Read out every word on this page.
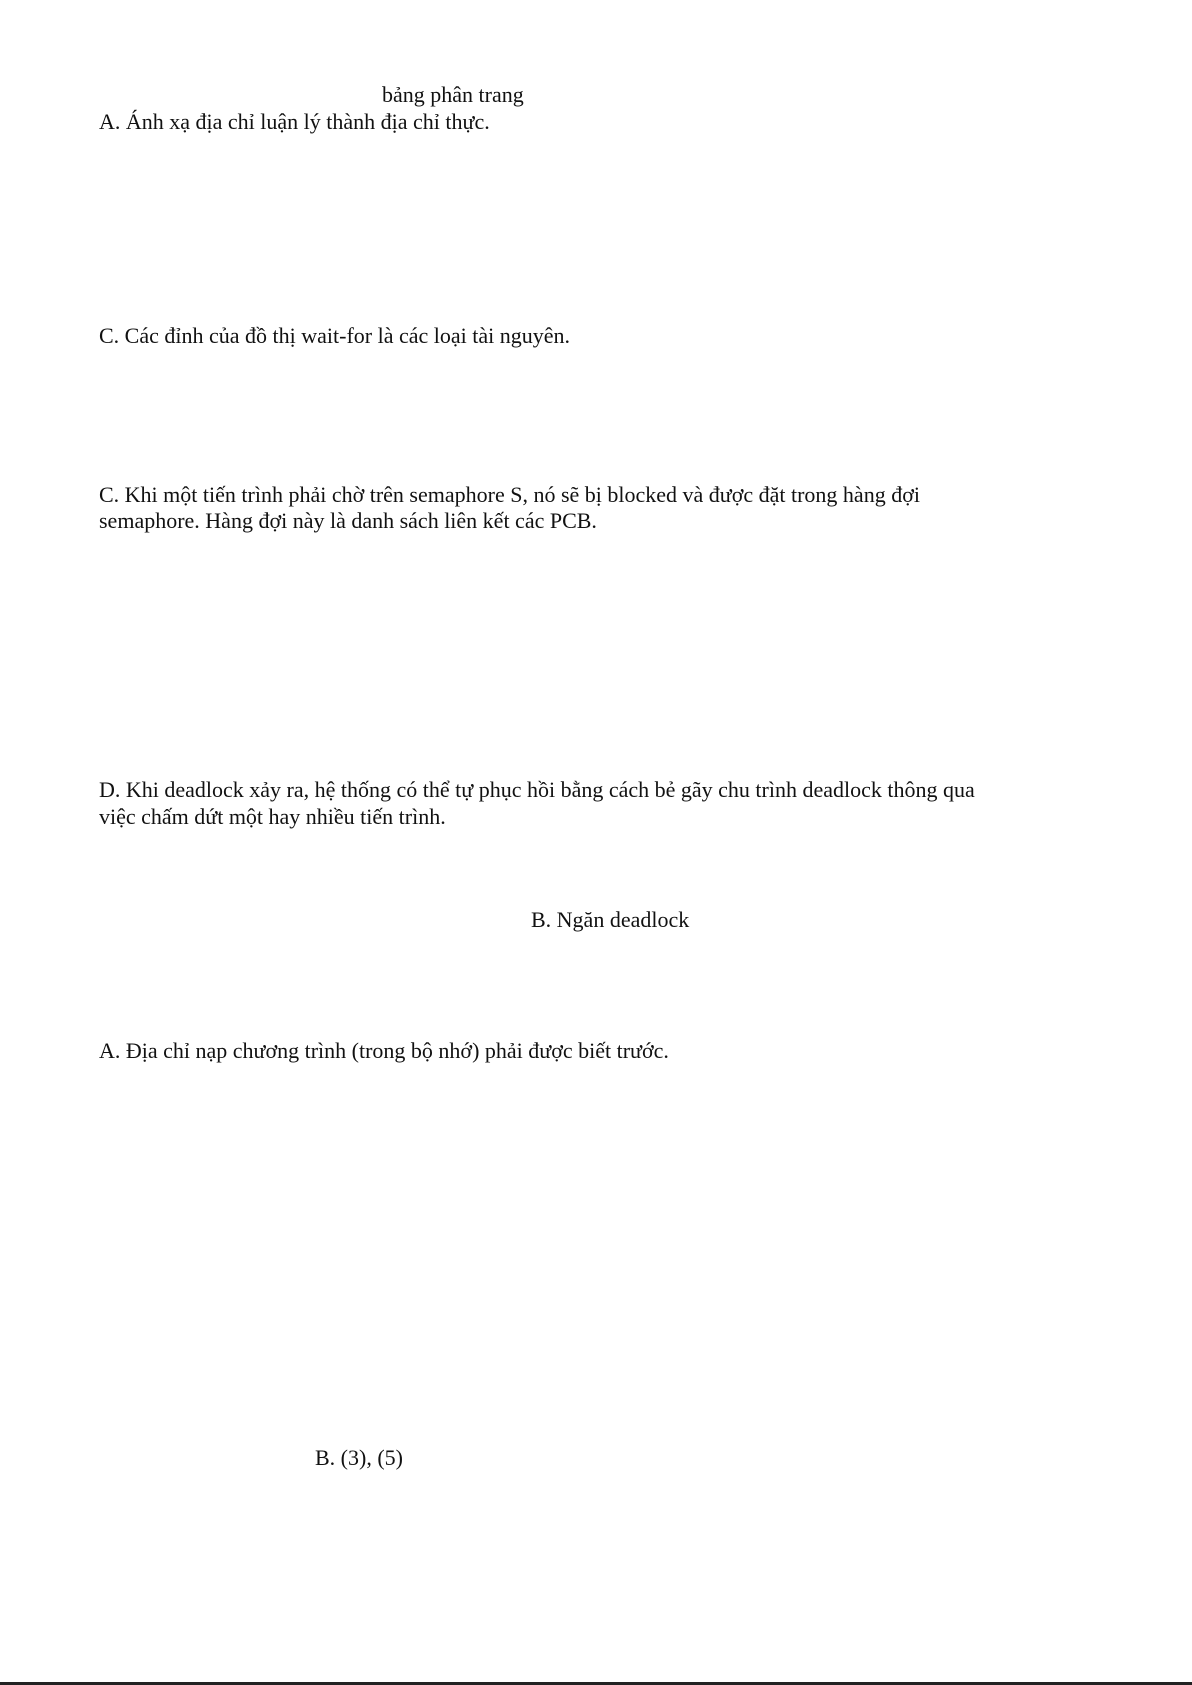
bảng phân trang
A. Ánh xạ địa chỉ luận lý thành địa chỉ thực.
C. Các đỉnh của đồ thị wait-for là các loại tài nguyên.
C. Khi một tiến trình phải chờ trên semaphore S, nó sẽ bị blocked và được đặt trong hàng đợi
semaphore. Hàng đợi này là danh sách liên kết các PCB.
D. Khi deadlock xảy ra, hệ thống có thể tự phục hồi bằng cách bẻ gãy chu trình deadlock thông qua
việc chấm dứt một hay nhiều tiến trình.
B. Ngăn deadlock
A. Địa chỉ nạp chương trình (trong bộ nhớ) phải được biết trước.
B. (3), (5)
